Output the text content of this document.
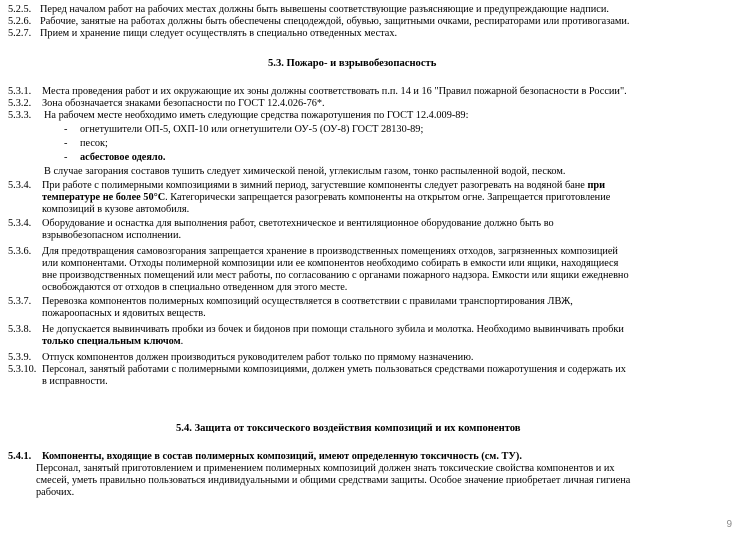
5.2.5. Перед началом работ на рабочих местах должны быть вывешены соответствующие разъясняющие и предупреждающие надписи.
5.2.6. Рабочие, занятые на работах должны быть обеспечены спецодеждой, обувью, защитными очками, респираторами или противогазами.
5.2.7. Прием и хранение пищи следует осуществлять в специально отведенных местах.
5.3. Пожаро- и взрывобезопасность
5.3.1. Места проведения работ и их окружающие их зоны должны соответствовать п.п. 14 и 16 "Правил пожарной безопасности в России".
5.3.2. Зона обозначается знаками безопасности по ГОСТ 12.4.026-76*.
5.3.3. На рабочем месте необходимо иметь следующие средства пожаротушения по ГОСТ 12.4.009-89:
- огнетушители ОП-5, ОХП-10 или огнетушители ОУ-5 (ОУ-8) ГОСТ 28130-89;
- песок;
- асбестовое одеяло.
В случае загорания составов тушить следует химической пеной, углекислым газом, тонко распыленной водой, песком.
5.3.4. При работе с полимерными композициями в зимний период, загустевшие компоненты следует разогревать на водяной бане при
температуре не более 50°С. Категорически запрещается разогревать компоненты на открытом огне. Запрещается приготовление
композиций в кузове автомобиля.
5.3.4. Оборудование и оснастка для выполнения работ, светотехническое и вентиляционное оборудование должно быть во
взрывобезопасном исполнении.
5.3.6. Для предотвращения самовозгорания запрещается хранение в производственных помещениях отходов, загрязненных композицией
или компонентами. Отходы полимерной композиции или ее компонентов необходимо собирать в емкости или ящики, находящиеся
вне производственных помещений или мест работы, по согласованию с органами пожарного надзора. Емкости или ящики ежедневно
освобождаются от отходов в специально отведенном для этого месте.
5.3.7. Перевозка компонентов полимерных композиций осуществляется в соответствии с правилами транспортирования ЛВЖ,
пожароопасных и ядовитых веществ.
5.3.8. Не допускается вывинчивать пробки из бочек и бидонов при помощи стального зубила и молотка. Необходимо вывинчивать пробки
только специальным ключом.
5.3.9. Отпуск компонентов должен производиться руководителем работ только по прямому назначению.
5.3.10. Персонал, занятый работами с полимерными композициями, должен уметь пользоваться средствами пожаротушения и содержать их
в исправности.
5.4. Защита от токсического воздействия композиций и их компонентов
5.4.1. Компоненты, входящие в состав полимерных композиций, имеют определенную токсичность (см. ТУ).
Персонал, занятый приготовлением и применением полимерных композиций должен знать токсические свойства компонентов и их
смесей, уметь правильно пользоваться индивидуальными и общими средствами защиты. Особое значение приобретает личная гигиена
рабочих.
9
